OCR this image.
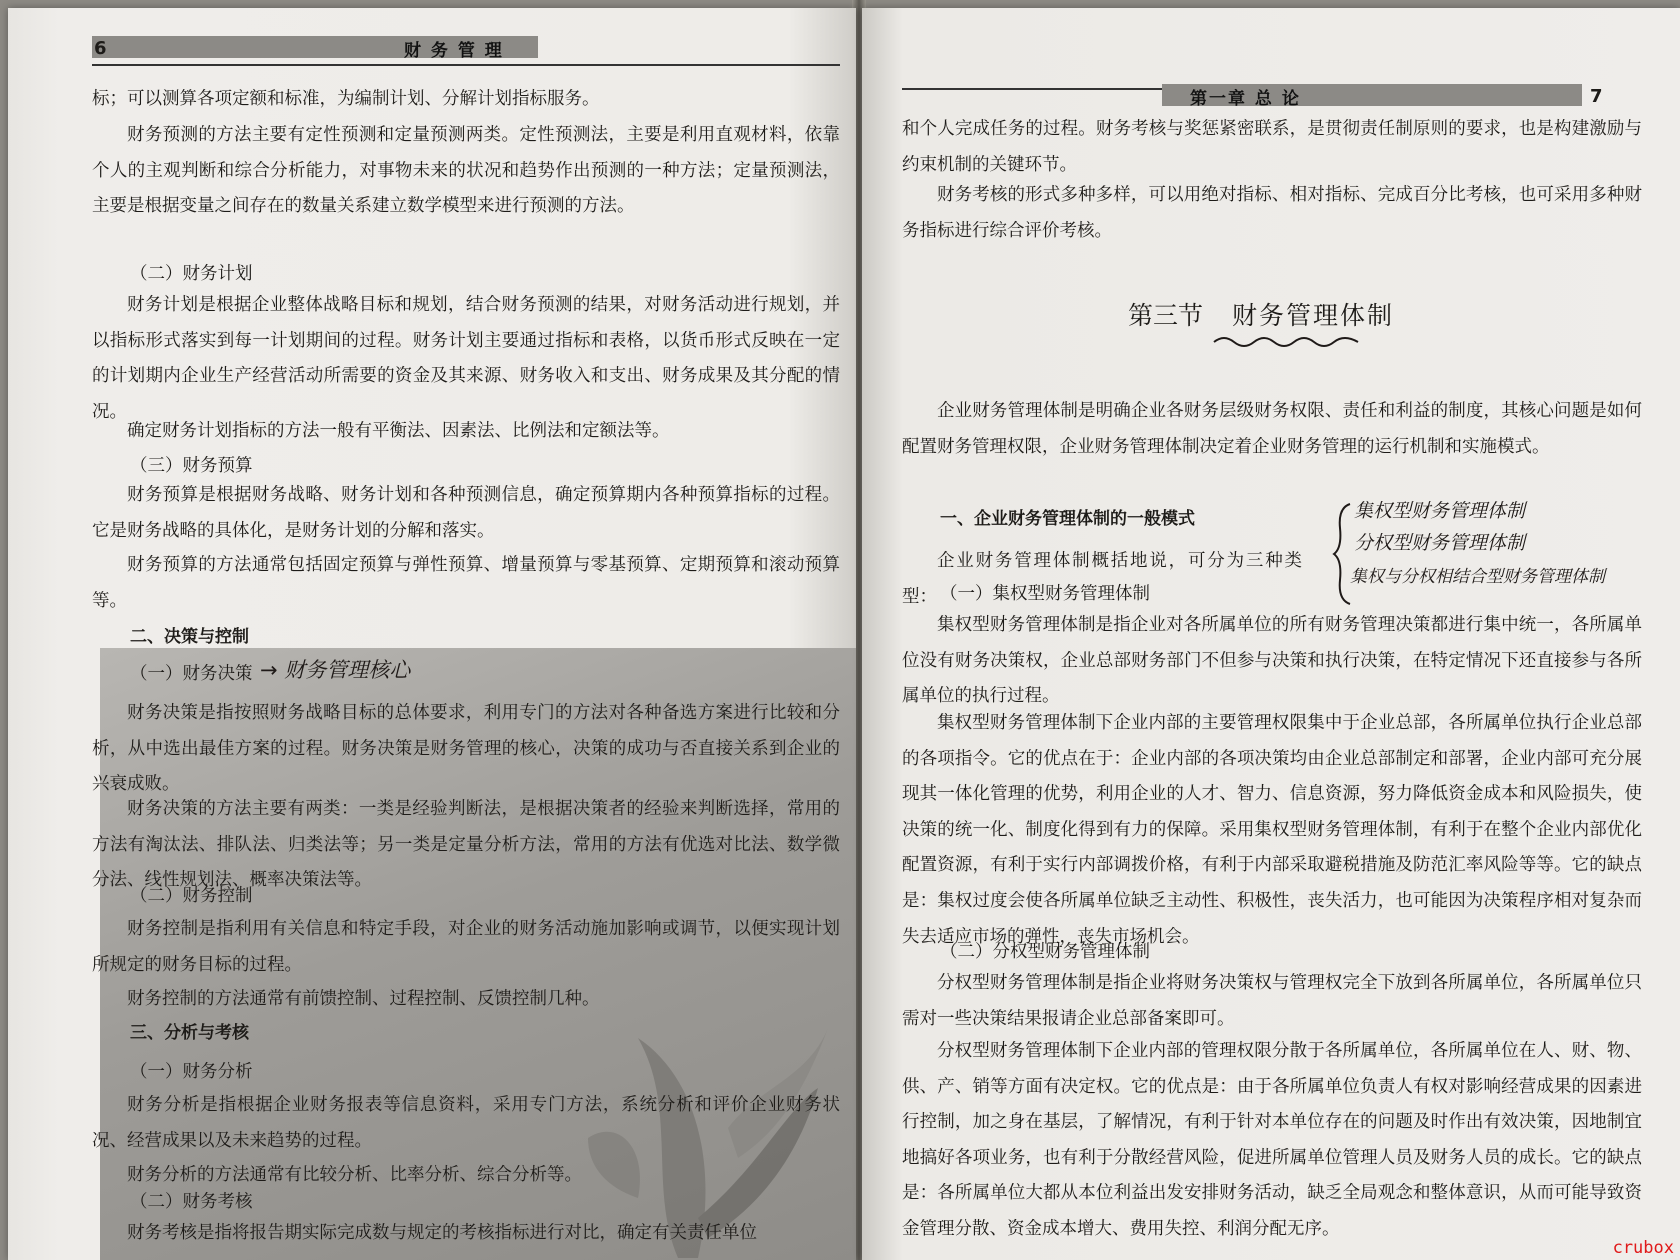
财 务 管 理
6

标；可以测算各项定额和标准，为编制计划、分解计划指标服务。

财务预测的方法主要有定性预测和定量预测两类。定性预测法，主要是利用直观材料，依靠个人的主观判断和综合分析能力，对事物未来的状况和趋势作出预测的一种方法；定量预测法，主要是根据变量之间存在的数量关系建立数学模型来进行预测的方法。

（二）财务计划

财务计划是根据企业整体战略目标和规划，结合财务预测的结果，对财务活动进行规划，并以指标形式落实到每一计划期间的过程。财务计划主要通过指标和表格，以货币形式反映在一定的计划期内企业生产经营活动所需要的资金及其来源、财务收入和支出、财务成果及其分配的情况。

确定财务计划指标的方法一般有平衡法、因素法、比例法和定额法等。

（三）财务预算

财务预算是根据财务战略、财务计划和各种预测信息，确定预算期内各种预算指标的过程。它是财务战略的具体化，是财务计划的分解和落实。

财务预算的方法通常包括固定预算与弹性预算、增量预算与零基预算、定期预算和滚动预算等。

二、决策与控制
（一）财务决策 → 财务管理核心

财务决策是指按照财务战略目标的总体要求，利用专门的方法对各种备选方案进行比较和分析，从中选出最佳方案的过程。财务决策是财务管理的核心，决策的成功与否直接关系到企业的兴衰成败。

财务决策的方法主要有两类：一类是经验判断法，是根据决策者的经验来判断选择，常用的方法有淘汰法、排队法、归类法等；另一类是定量分析方法，常用的方法有优选对比法、数学微分法、线性规划法、概率决策法等。

（二）财务控制

财务控制是指利用有关信息和特定手段，对企业的财务活动施加影响或调节，以便实现计划所规定的财务目标的过程。

财务控制的方法通常有前馈控制、过程控制、反馈控制几种。

三、分析与考核
（一）财务分析

财务分析是指根据企业财务报表等信息资料，采用专门方法，系统分析和评价企业财务状况、经营成果以及未来趋势的过程。

财务分析的方法通常有比较分析、比率分析、综合分析等。

（二）财务考核

财务考核是指将报告期实际完成数与规定的考核指标进行对比，确定有关责任单位

第一章 总 论	7

和个人完成任务的过程。财务考核与奖惩紧密联系，是贯彻责任制原则的要求，也是构建激励与约束机制的关键环节。

财务考核的形式多种多样，可以用绝对指标、相对指标、完成百分比考核，也可采用多种财务指标进行综合评价考核。

第三节 财务管理体制

企业财务管理体制是明确企业各财务层级财务权限、责任和利益的制度，其核心问题是如何配置财务管理权限，企业财务管理体制决定着企业财务管理的运行机制和实施模式。

一、企业财务管理体制的一般模式

企业财务管理体制概括地说，可分为三种类型：

集权型财务管理体制
分权型财务管理体制
集权与分权相结合型财务管理体制
（一）集权型财务管理体制

集权型财务管理体制是指企业对各所属单位的所有财务管理决策都进行集中统一，各所属单位没有财务决策权，企业总部财务部门不但参与决策和执行决策，在特定情况下还直接参与各所属单位的执行过程。

集权型财务管理体制下企业内部的主要管理权限集中于企业总部，各所属单位执行企业总部的各项指令。它的优点在于：企业内部的各项决策均由企业总部制定和部署，企业内部可充分展现其一体化管理的优势，利用企业的人才、智力、信息资源，努力降低资金成本和风险损失，使决策的统一化、制度化得到有力的保障。采用集权型财务管理体制，有利于在整个企业内部优化配置资源，有利于实行内部调拨价格，有利于内部采取避税措施及防范汇率风险等等。它的缺点是：集权过度会使各所属单位缺乏主动性、积极性，丧失活力，也可能因为决策程序相对复杂而失去适应市场的弹性，丧失市场机会。

（二）分权型财务管理体制

分权型财务管理体制是指企业将财务决策权与管理权完全下放到各所属单位，各所属单位只需对一些决策结果报请企业总部备案即可。

分权型财务管理体制下企业内部的管理权限分散于各所属单位，各所属单位在人、财、物、供、产、销等方面有决定权。它的优点是：由于各所属单位负责人有权对影响经营成果的因素进行控制，加之身在基层，了解情况，有利于针对本单位存在的问题及时作出有效决策，因地制宜地搞好各项业务，也有利于分散经营风险，促进所属单位管理人员及财务人员的成长。它的缺点是：各所属单位大都从本位利益出发安排财务活动，缺乏全局观念和整体意识，从而可能导致资金管理分散、资金成本增大、费用失控、利润分配无序。

crubox
